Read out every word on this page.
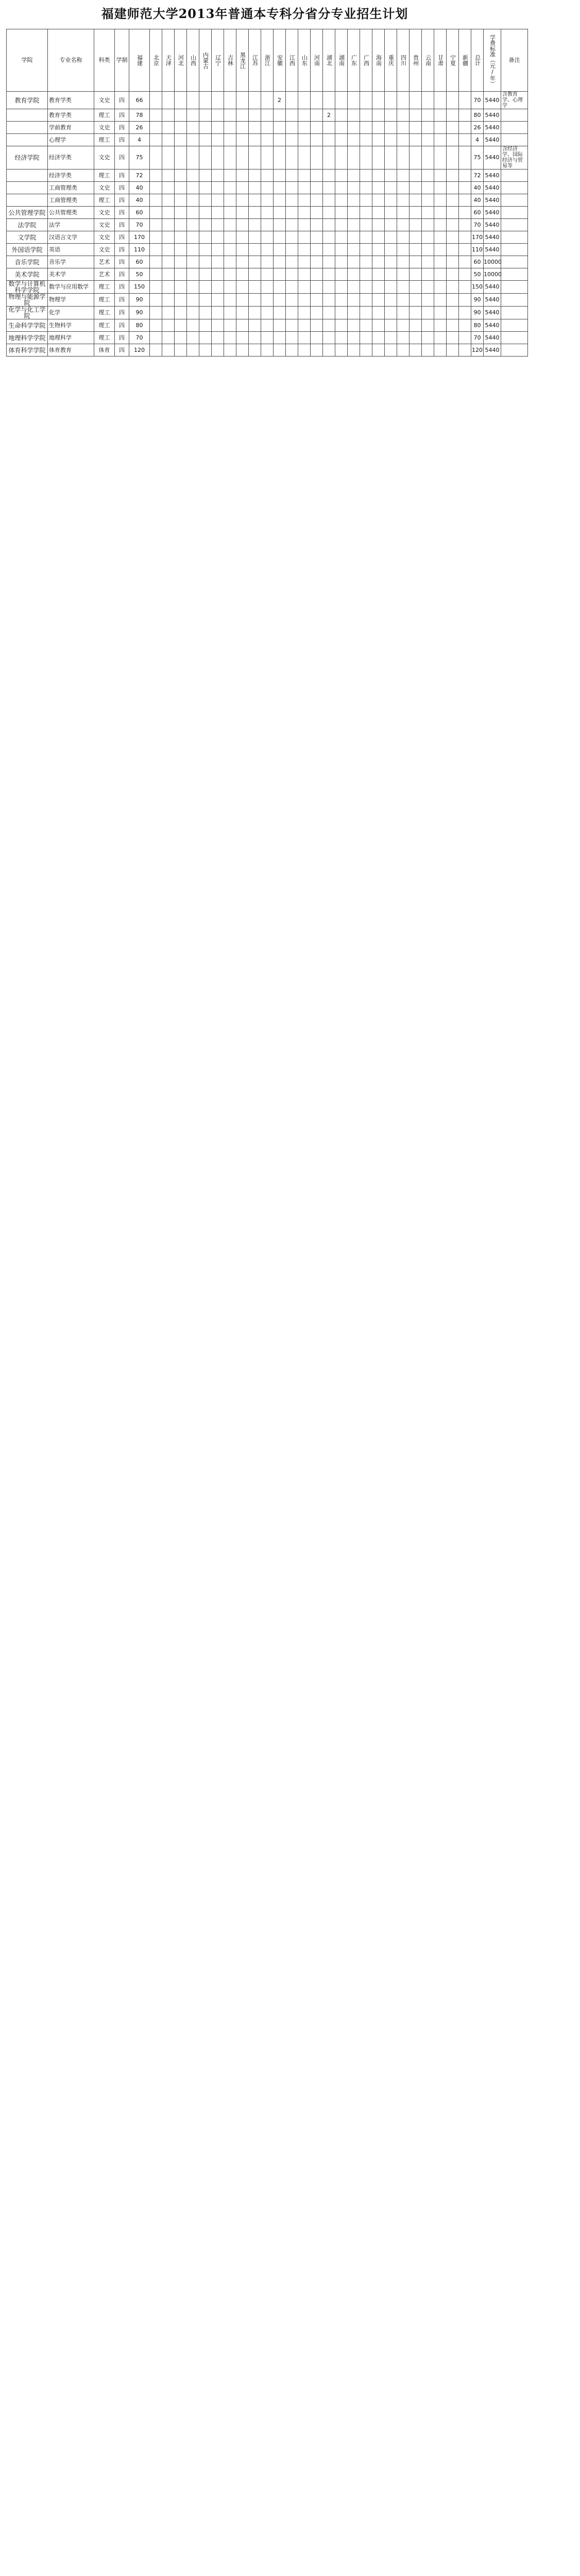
福建师范大学2013年普通本专科分省分专业招生计划
学院	专业名称	科类	学制	福建	北京	天津	河北	山西	内蒙古	辽宁	吉林	黑龙江	江苏	浙江	安徽	江西	山东	河南	湖北	湖南	广东	广西	海南	重庆	四川	贵州	云南	甘肃	宁夏	新疆	总计	学费标准（元/年）	备注
教育学院	教育学类	文史	四	66											2																70	5440	含教育学、心理学
	教育学类	理工	四	78															2												80	5440	
	学前教育	文史	四	26																											26	5440	
	心理学	理工	四	4																											4	5440	
经济学院	经济学类	文史	四	75																											75	5440	含经济学、国际经济与贸易等
	经济学类	理工	四	72																											72	5440	
	工商管理类	文史	四	40																											40	5440	
	工商管理类	理工	四	40																											40	5440	
公共管理学院	公共管理类	文史	四	60																											60	5440	
法学院	法学	文史	四	70																											70	5440	
文学院	汉语言文学	文史	四	170																											170	5440	
外国语学院	英语	文史	四	110																											110	5440	
音乐学院	音乐学	艺术	四	60																											60	10000	
美术学院	美术学	艺术	四	50																											50	10000	
数学与计算机科学学院	数学与应用数学	理工	四	150																											150	5440	
物理与能源学院	物理学	理工	四	90																											90	5440	
化学与化工学院	化学	理工	四	90																											90	5440	
生命科学学院	生物科学	理工	四	80																											80	5440	
地理科学学院	地理科学	理工	四	70																											70	5440	
体育科学学院	体育教育	体育	四	120																											120	5440	
